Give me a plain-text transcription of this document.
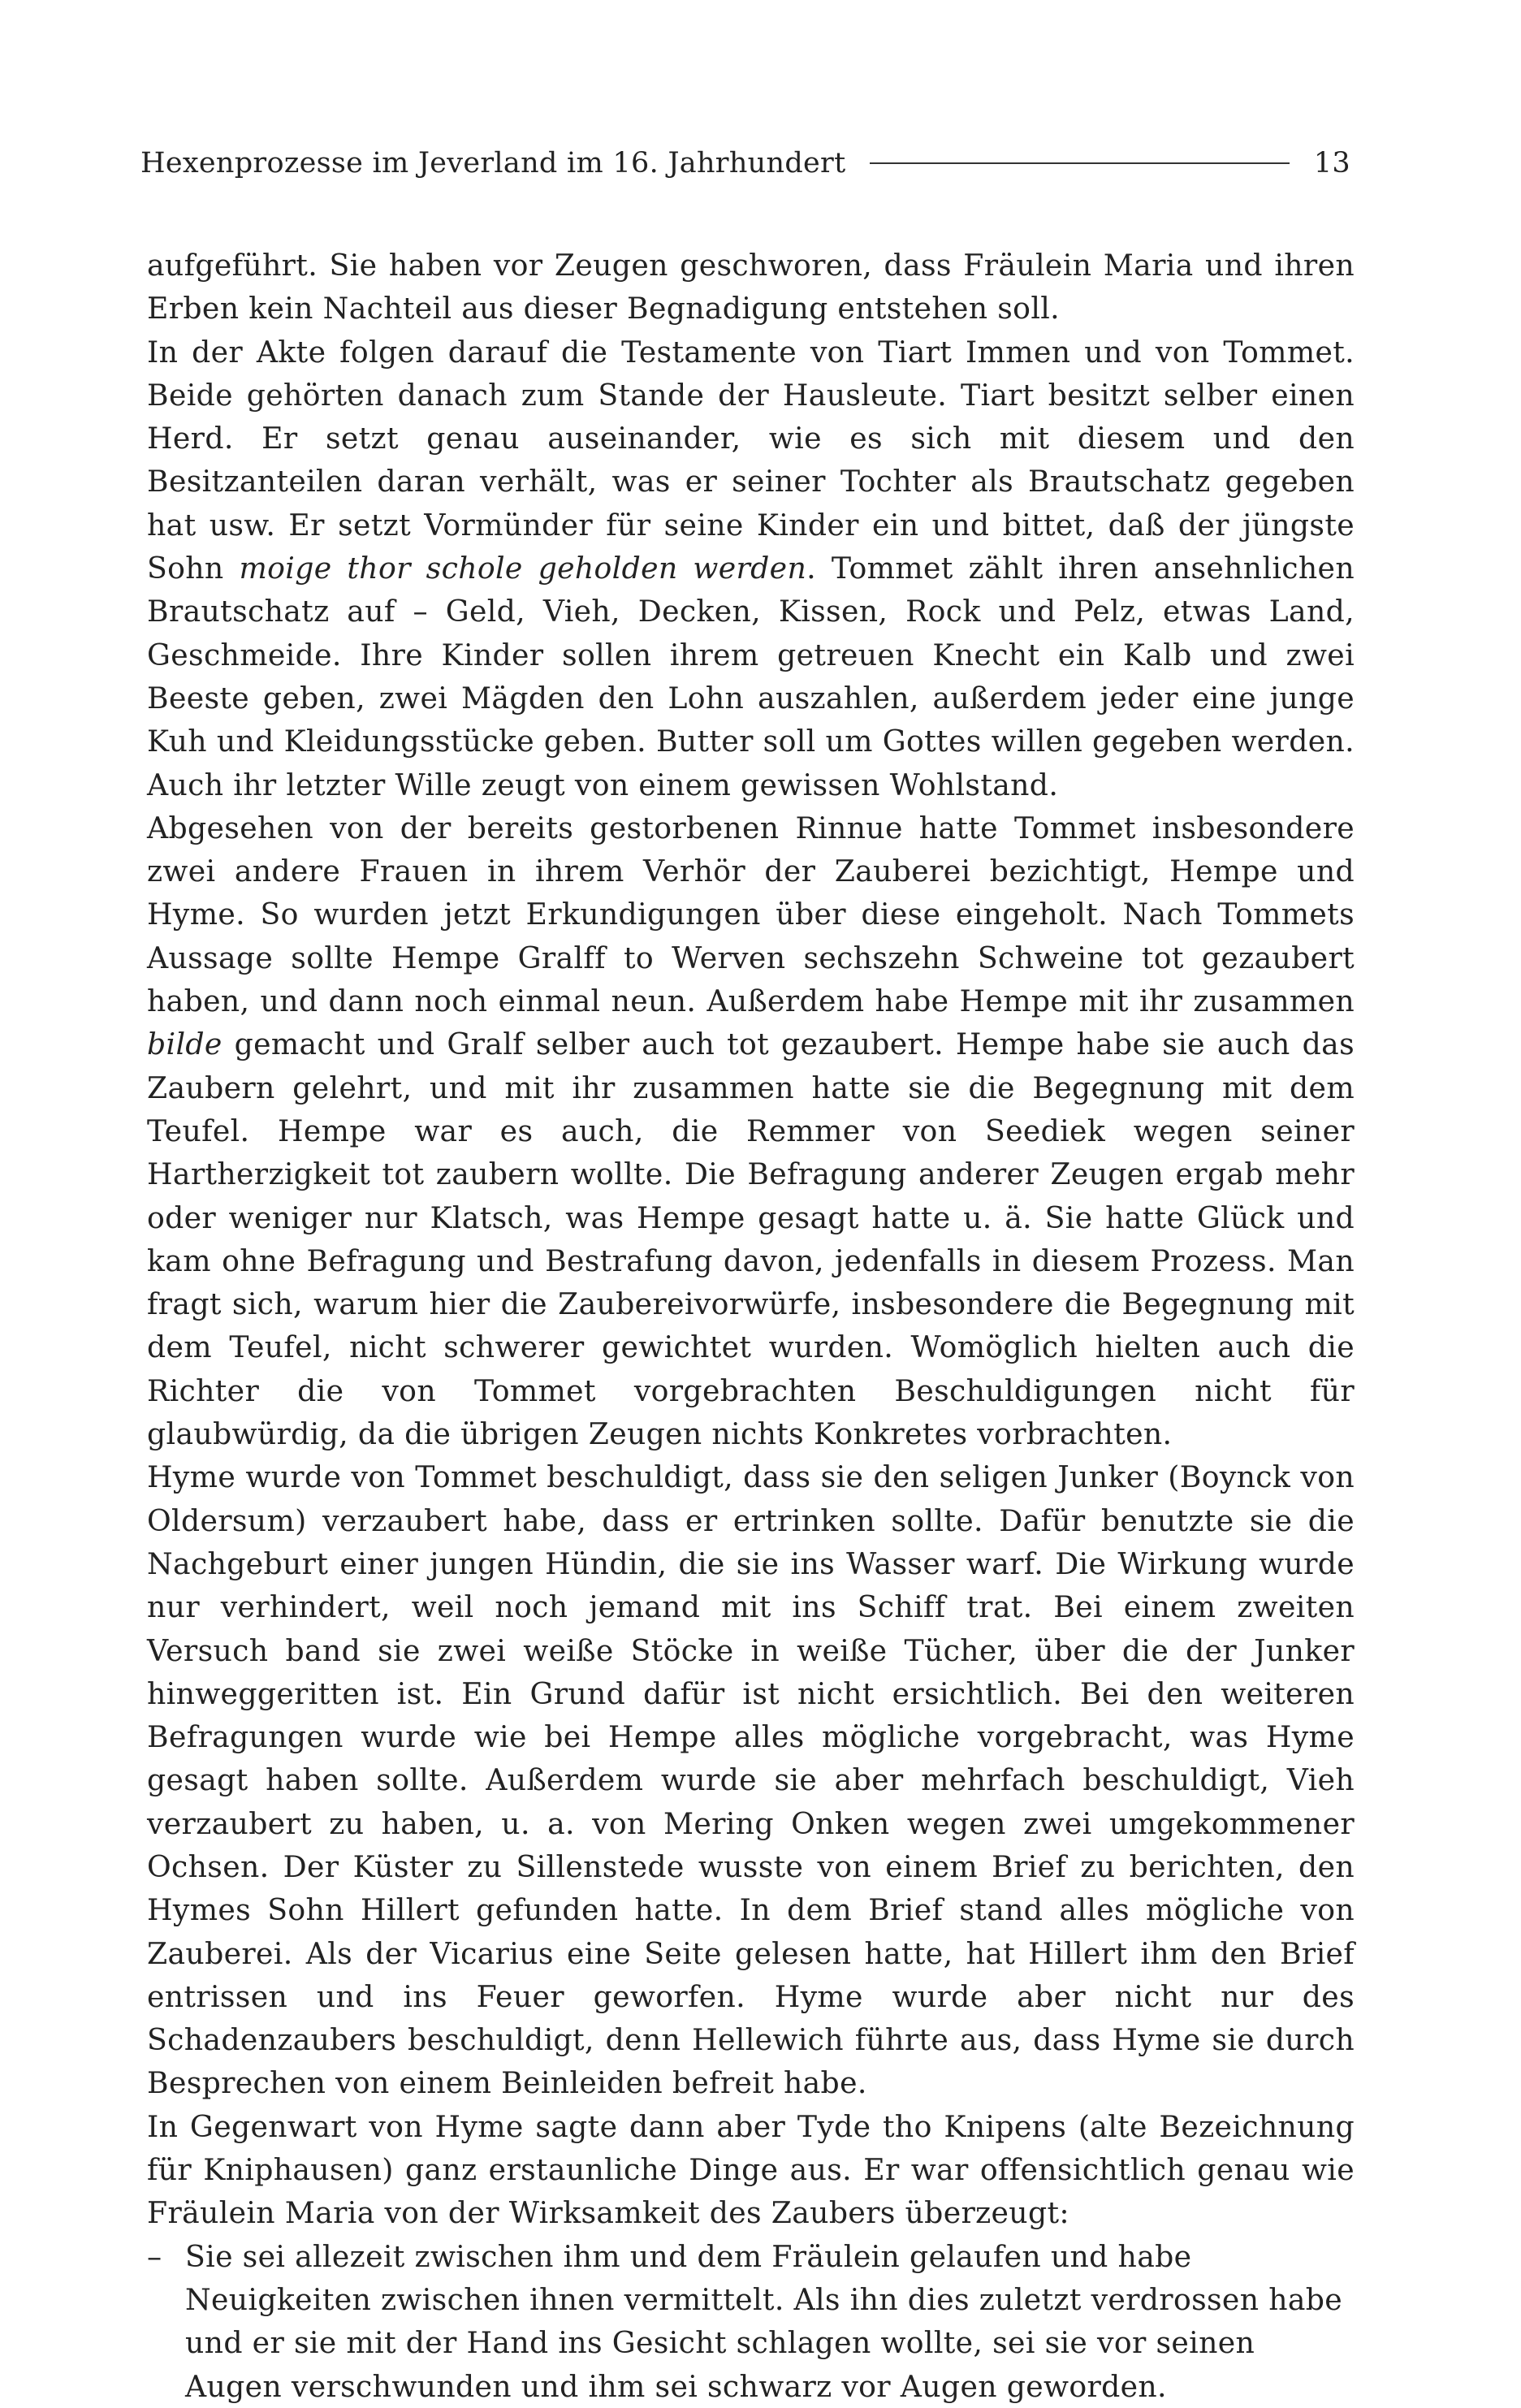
Hexenprozesse im Jeverland im 16. Jahrhundert	13

aufgeführt. Sie haben vor Zeugen geschworen, dass Fräulein Maria und ihren Erben kein Nachteil aus dieser Begnadigung entstehen soll.

In der Akte folgen darauf die Testamente von Tiart Immen und von Tommet. Beide gehörten danach zum Stande der Hausleute. Tiart besitzt selber einen Herd. Er setzt genau auseinander, wie es sich mit diesem und den Besitzanteilen daran verhält, was er seiner Tochter als Brautschatz gegeben hat usw. Er setzt Vormünder für seine Kinder ein und bittet, daß der jüngste Sohn moige thor schole geholden werden. Tommet zählt ihren ansehnlichen Brautschatz auf – Geld, Vieh, Decken, Kissen, Rock und Pelz, etwas Land, Geschmeide. Ihre Kinder sollen ihrem getreuen Knecht ein Kalb und zwei Beeste geben, zwei Mägden den Lohn auszahlen, außerdem jeder eine junge Kuh und Kleidungsstücke geben. Butter soll um Gottes willen gegeben werden. Auch ihr letzter Wille zeugt von einem gewissen Wohlstand.

Abgesehen von der bereits gestorbenen Rinnue hatte Tommet insbesondere zwei andere Frauen in ihrem Verhör der Zauberei bezichtigt, Hempe und Hyme. So wurden jetzt Erkundigungen über diese eingeholt. Nach Tommets Aussage sollte Hempe Gralff to Werven sechszehn Schweine tot gezaubert haben, und dann noch einmal neun. Außerdem habe Hempe mit ihr zusammen bilde gemacht und Gralf selber auch tot gezaubert. Hempe habe sie auch das Zaubern gelehrt, und mit ihr zusammen hatte sie die Begegnung mit dem Teufel. Hempe war es auch, die Remmer von Seediek wegen seiner Hartherzigkeit tot zaubern wollte. Die Befragung anderer Zeugen ergab mehr oder weniger nur Klatsch, was Hempe gesagt hatte u. ä. Sie hatte Glück und kam ohne Befragung und Bestrafung davon, jedenfalls in diesem Prozess. Man fragt sich, warum hier die Zaubereivorwürfe, insbesondere die Begegnung mit dem Teufel, nicht schwerer gewichtet wurden. Womöglich hielten auch die Richter die von Tommet vorgebrachten Beschuldigungen nicht für glaubwürdig, da die übrigen Zeugen nichts Konkretes vorbrachten.

Hyme wurde von Tommet beschuldigt, dass sie den seligen Junker (Boynck von Oldersum) verzaubert habe, dass er ertrinken sollte. Dafür benutzte sie die Nachgeburt einer jungen Hündin, die sie ins Wasser warf. Die Wirkung wurde nur verhindert, weil noch jemand mit ins Schiff trat. Bei einem zweiten Versuch band sie zwei weiße Stöcke in weiße Tücher, über die der Junker hinweggeritten ist. Ein Grund dafür ist nicht ersichtlich. Bei den weiteren Befragungen wurde wie bei Hempe alles mögliche vorgebracht, was Hyme gesagt haben sollte. Außerdem wurde sie aber mehrfach beschuldigt, Vieh verzaubert zu haben, u. a. von Mering Onken wegen zwei umgekommener Ochsen. Der Küster zu Sillenstede wusste von einem Brief zu berichten, den Hymes Sohn Hillert gefunden hatte. In dem Brief stand alles mögliche von Zauberei. Als der Vicarius eine Seite gelesen hatte, hat Hillert ihm den Brief entrissen und ins Feuer geworfen. Hyme wurde aber nicht nur des Schadenzaubers beschuldigt, denn Hellewich führte aus, dass Hyme sie durch Besprechen von einem Beinleiden befreit habe.

In Gegenwart von Hyme sagte dann aber Tyde tho Knipens (alte Bezeichnung für Kniphausen) ganz erstaunliche Dinge aus. Er war offensichtlich genau wie Fräulein Maria von der Wirksamkeit des Zaubers überzeugt:

– Sie sei allezeit zwischen ihm und dem Fräulein gelaufen und habe Neuigkeiten zwischen ihnen vermittelt. Als ihn dies zuletzt verdrossen habe und er sie mit der Hand ins Gesicht schlagen wollte, sei sie vor seinen Augen verschwunden und ihm sei schwarz vor Augen geworden.
